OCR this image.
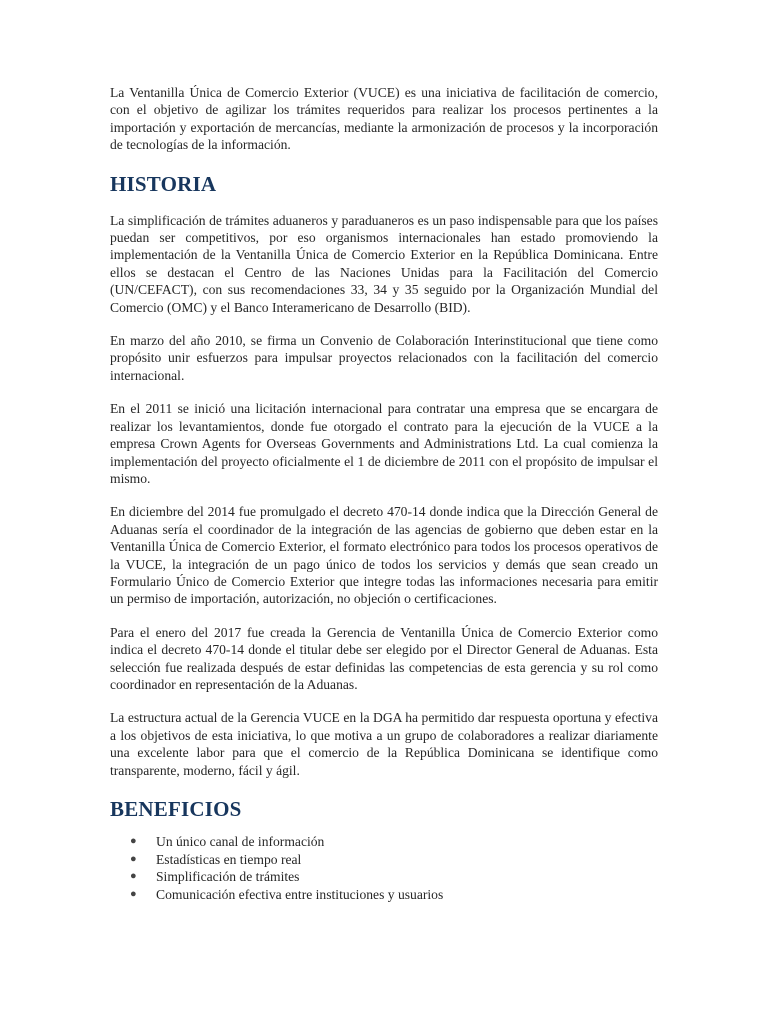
La Ventanilla Única de Comercio Exterior (VUCE) es una iniciativa de facilitación de comercio, con el objetivo de agilizar los trámites requeridos para realizar los procesos pertinentes a la importación y exportación de mercancías, mediante la armonización de procesos y la incorporación de tecnologías de la información.

HISTORIA

La simplificación de trámites aduaneros y paraduaneros es un paso indispensable para que los países puedan ser competitivos, por eso organismos internacionales han estado promoviendo la implementación de la Ventanilla Única de Comercio Exterior en la República Dominicana. Entre ellos se destacan el Centro de las Naciones Unidas para la Facilitación del Comercio (UN/CEFACT), con sus recomendaciones 33, 34 y 35 seguido por la Organización Mundial del Comercio (OMC) y el Banco Interamericano de Desarrollo (BID).

En marzo del año 2010, se firma un Convenio de Colaboración Interinstitucional que tiene como propósito unir esfuerzos para impulsar proyectos relacionados con la facilitación del comercio internacional.

En el 2011 se inició una licitación internacional para contratar una empresa que se encargara de realizar los levantamientos, donde fue otorgado el contrato para la ejecución de la VUCE a la empresa Crown Agents for Overseas Governments and Administrations Ltd. La cual comienza la implementación del proyecto oficialmente el 1 de diciembre de 2011 con el propósito de impulsar el mismo.

En diciembre del 2014 fue promulgado el decreto 470-14 donde indica que la Dirección General de Aduanas sería el coordinador de la integración de las agencias de gobierno que deben estar en la Ventanilla Única de Comercio Exterior, el formato electrónico para todos los procesos operativos de la VUCE, la integración de un pago único de todos los servicios y demás que sean creado un Formulario Único de Comercio Exterior que integre todas las informaciones necesaria para emitir un permiso de importación, autorización, no objeción o certificaciones.

Para el enero del 2017 fue creada la Gerencia de Ventanilla Única de Comercio Exterior como indica el decreto 470-14 donde el titular debe ser elegido por el Director General de Aduanas. Esta selección fue realizada después de estar definidas las competencias de esta gerencia y su rol como coordinador en representación de la Aduanas.

La estructura actual de la Gerencia VUCE en la DGA ha permitido dar respuesta oportuna y efectiva a los objetivos de esta iniciativa, lo que motiva a un grupo de colaboradores a realizar diariamente una excelente labor para que el comercio de la República Dominicana se identifique como transparente, moderno, fácil y ágil.

BENEFICIOS
●	Un único canal de información
●	Estadísticas en tiempo real
●	Simplificación de trámites
●	Comunicación efectiva entre instituciones y usuarios
